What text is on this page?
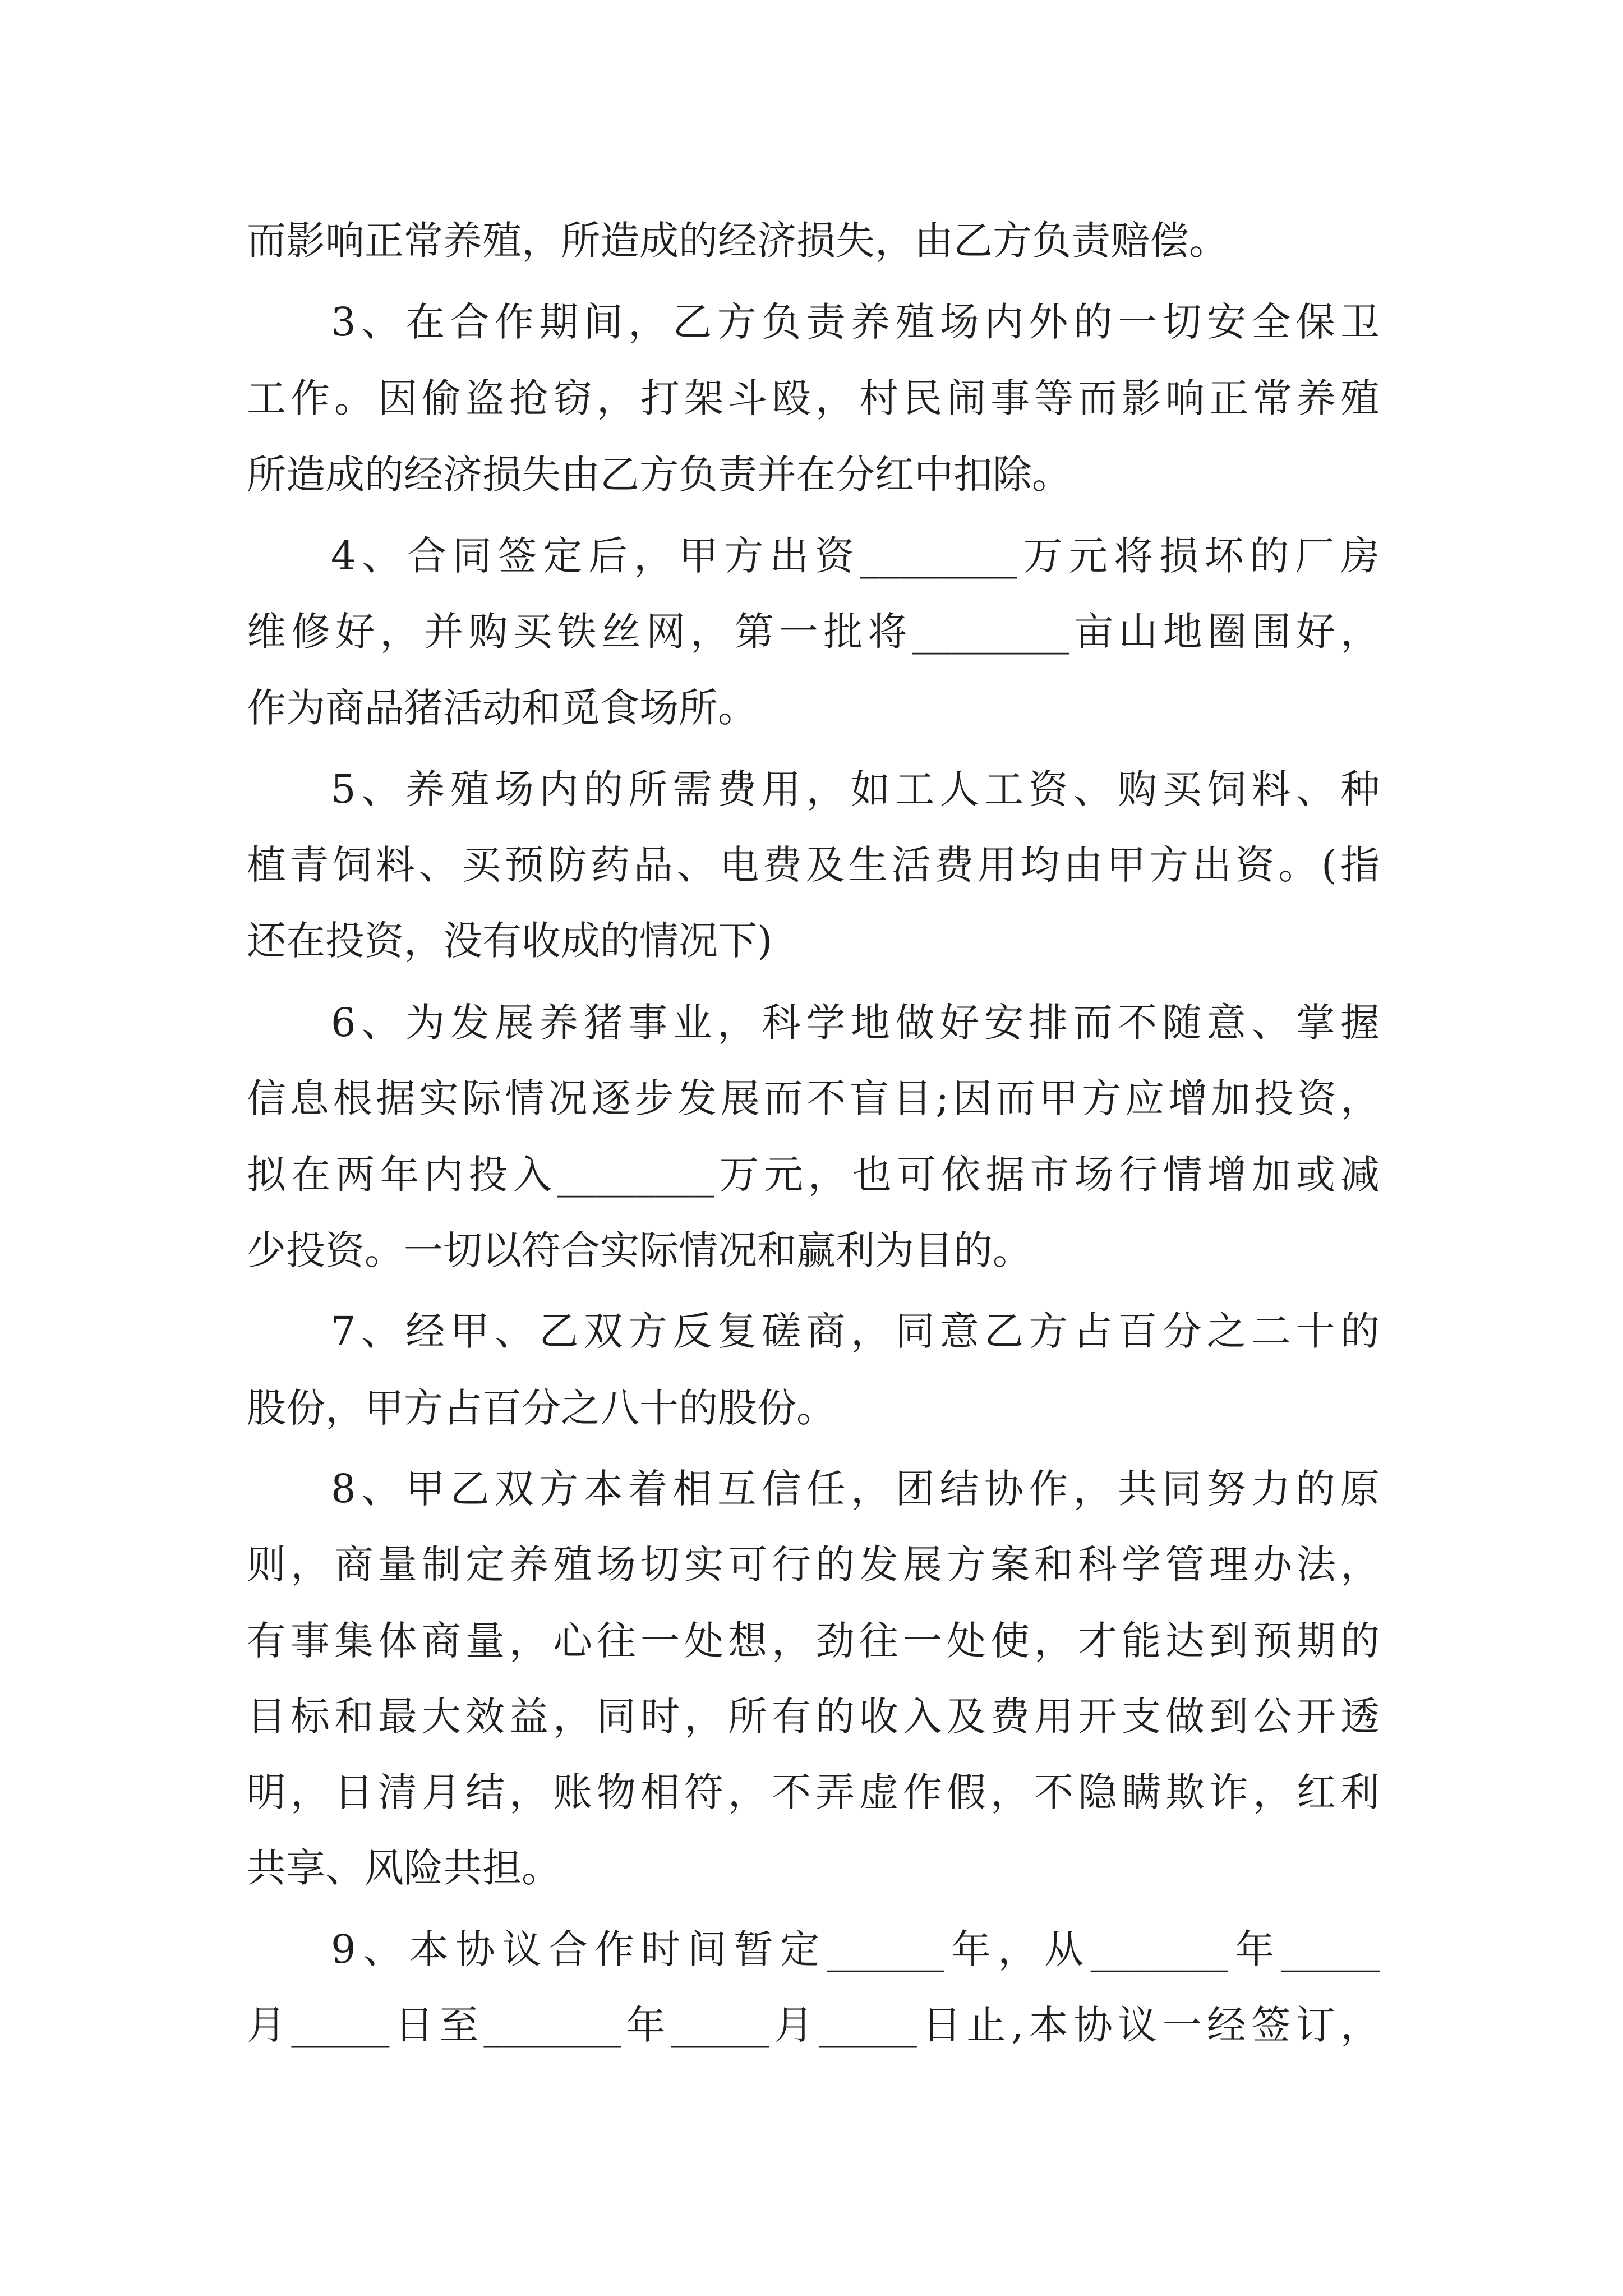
而影响正常养殖，所造成的经济损失，由乙方负责赔偿。
3、在合作期间，乙方负责养殖场内外的一切安全保卫
工作。因偷盗抢窃，打架斗殴，村民闹事等而影响正常养殖
所造成的经济损失由乙方负责并在分红中扣除。
4、合同签定后，甲方出资________万元将损坏的厂房
维修好，并购买铁丝网，第一批将________亩山地圈围好，
作为商品猪活动和觅食场所。
5、养殖场内的所需费用，如工人工资、购买饲料、种
植青饲料、买预防药品、电费及生活费用均由甲方出资。(指
还在投资，没有收成的情况下)
6、为发展养猪事业，科学地做好安排而不随意、掌握
信息根据实际情况逐步发展而不盲目;因而甲方应增加投资，
拟在两年内投入________万元，也可依据市场行情增加或减
少投资。一切以符合实际情况和赢利为目的。
7、经甲、乙双方反复磋商，同意乙方占百分之二十的
股份，甲方占百分之八十的股份。
8、甲乙双方本着相互信任，团结协作，共同努力的原
则，商量制定养殖场切实可行的发展方案和科学管理办法，
有事集体商量，心往一处想，劲往一处使，才能达到预期的
目标和最大效益，同时，所有的收入及费用开支做到公开透
明，日清月结，账物相符，不弄虚作假，不隐瞒欺诈，红利
共享、风险共担。
9、本协议合作时间暂定______年，从_______年_____
月_____日至_______年_____月_____日止,本协议一经签订，
